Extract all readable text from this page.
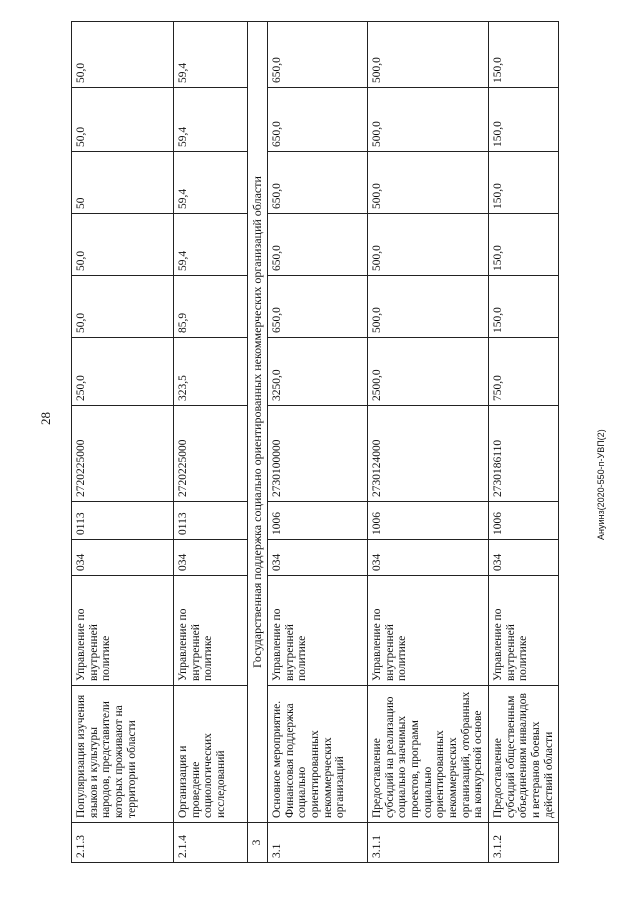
28
Ануинз(2020-550-п-УВП(2)
2.1.3	Популяризация изучения языков и культуры народов, представители которых проживают на территории области	Управление по внутренней политике	034	0113	2720225000	250,0	50,0	50,0	50	50,0	50,0
2.1.4	Организация и проведение социологических исследований	Управление по внутренней политике	034	0113	2720225000	323,5	85,9	59,4	59,4	59,4	59,4
3	Государственная поддержка социально ориентированных некоммерческих организаций области										
3.1	Основное мероприятие. Финансовая поддержка социально ориентированных некоммерческих организаций	Управление по внутренней политике	034	1006	2730100000	3250,0	650,0	650,0	650,0	650,0	650,0
3.1.1	Предоставление субсидий на реализацию социально значимых проектов, программ социально ориентированных некоммерческих организаций, отобранных на конкурсной основе	Управление по внутренней политике	034	1006	2730124000	2500,0	500,0	500,0	500,0	500,0	500,0
3.1.2	Предоставление субсидий общественным объединениям инвалидов и ветеранов боевых действий области	Управление по внутренней политике	034	1006	2730186110	750,0	150,0	150,0	150,0	150,0	150,0
